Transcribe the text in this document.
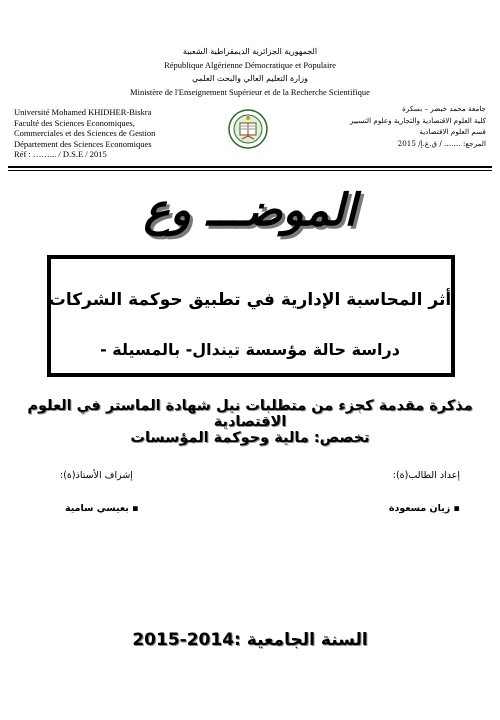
الجمهورية الجزائرية الديمقراطية الشعبية
République Algérienne Démocratique et Populaire
وزارة التعليم العالي والبحث العلمي
Ministère de l'Enseignement Supérieur et de la Recherche Scientifique
Université Mohamed KHIDHER-Biskra
Faculté des Sciences Economiques,
Commerciales et des Sciences de Gestion
Département des Sciences Economiques
Réf : ……... / D.S.E / 2015
جامعة محمد خيضر – بسكرة
كلية العلوم الاقتصادية والتجارية وعلوم التسيير
قسم العلوم الاقتصادية
المرجع: ……. / ق.ع.إ/ 2015
الموضـــ وع
أثر المحاسبة الإدارية في تطبيق حوكمة الشركات
دراسة حالة مؤسسة تيندال- بالمسيلة -
مذكرة مقدمة كجزء من متطلبات نيل شهادة الماستر في العلوم الاقتصادية
تخصص: مالية وحوكمة المؤسسات
إعداد الطالب(ة):
إشراف الأستاذ(ة):
▪ زيان مسعودة
▪ بعيسي سامية
السنة الجامعية :2014-2015
